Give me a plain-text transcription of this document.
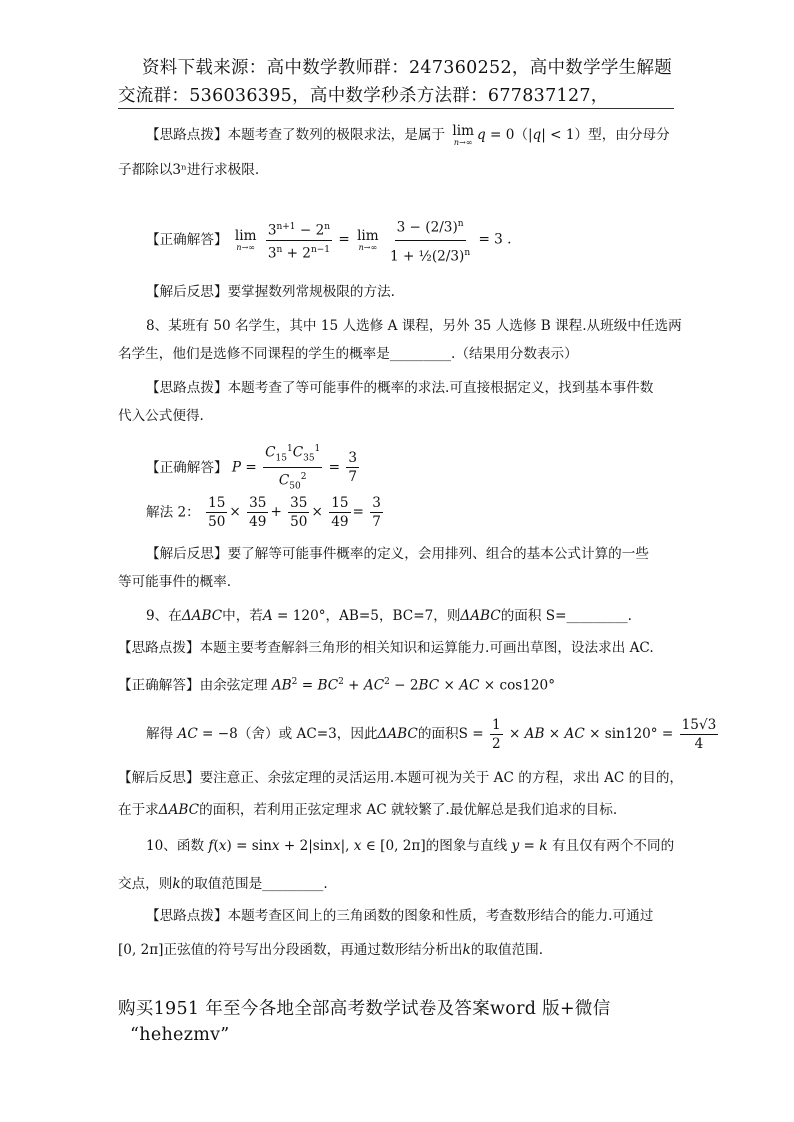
资料下载来源：高中数学教师群：247360252，高中数学学生解题
交流群：536036395，高中数学秒杀方法群：677837127，
【思路点拨】本题考查了数列的极限求法，是属于 lim
n→∞ q = 0（|q| < 1）型，由分母分
子都除以3ⁿ进行求极限.
【正确解答】 lim
n→∞
$\frac{3^{n+1} - 2^n}{3^n + 2^{n-1}} = \lim$
n→∞
$\frac{3 - (2/3)^n}{1 + \frac{1}{2}(2/3)^n} = 3$ .
【解后反思】要掌握数列常规极限的方法.
8、某班有 50 名学生，其中 15 人选修 A 课程，另外 35 人选修 B 课程.从班级中任选两
名学生，他们是选修不同课程的学生的概率是_________.（结果用分数表示）
【思路点拨】本题考查了等可能事件的概率的求法.可直接根据定义，找到基本事件数
代入公式便得.
【正确解答】 $P = \frac{C_{15}^1C_{35}^1}{C_{50}^2} = \frac{3}{7}$
解法 2： $\frac{15}{50} \times \frac{35}{49} + \frac{35}{50} \times \frac{15}{49} = \frac{3}{7}$
【解后反思】要了解等可能事件概率的定义，会用排列、组合的基本公式计算的一些
等可能事件的概率.
9、在ΔABC中，若A = 120°，AB=5，BC=7，则ΔABC的面积 S=_________.
【思路点拨】本题主要考查解斜三角形的相关知识和运算能力.可画出草图，设法求出 AC.
【正确解答】由余弦定理 $AB^2 = BC^2 + AC^2 - 2BC$ × AC × cos120°
解得 AC = −8（舍）或 AC=3，因此ΔABC的面积$S = \frac{1}{2}$ × AB × AC × $\sin 120^\circ = \frac{15√3}{4}$
【解后反思】要注意正、余弦定理的灵活运用.本题可视为关于 AC 的方程，求出 AC 的目的，
在于求ΔABC的面积，若利用正弦定理求 AC 就较繁了.最优解总是我们追求的目标.
10、函数 f(x) = sinx + 2|sinx|, x ∈ [0, 2π]的图象与直线 y = k 有且仅有两个不同的
交点，则k的取值范围是_________.
【思路点拨】本题考查区间上的三角函数的图象和性质，考查数形结合的能力.可通过
[0, 2π]正弦值的符号写出分段函数，再通过数形结分析出k的取值范围.
购买1951 年至今各地全部高考数学试卷及答案word 版+微信
“hehezmv”
